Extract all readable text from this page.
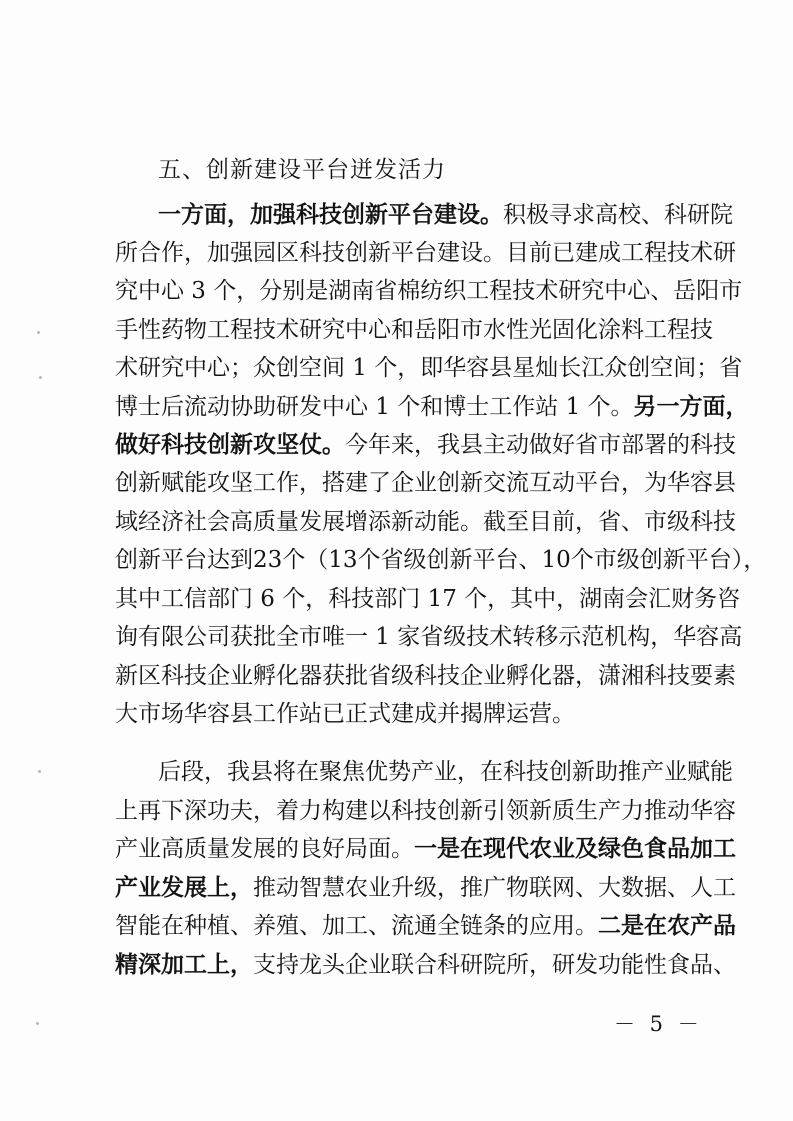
五、创新建设平台迸发活力
一方面，加强科技创新平台建设。积极寻求高校、科研院
所合作，加强园区科技创新平台建设。目前已建成工程技术研
究中心 3 个，分别是湖南省棉纺织工程技术研究中心、岳阳市
手性药物工程技术研究中心和岳阳市水性光固化涂料工程技
术研究中心；众创空间 1 个，即华容县星灿长江众创空间；省
博士后流动协助研发中心 1 个和博士工作站 1 个。另一方面，
做好科技创新攻坚仗。今年来，我县主动做好省市部署的科技
创新赋能攻坚工作，搭建了企业创新交流互动平台，为华容县
域经济社会高质量发展增添新动能。截至目前，省、市级科技
创新平台达到23个（13个省级创新平台、10个市级创新平台），
其中工信部门 6 个，科技部门 17 个，其中，湖南会汇财务咨
询有限公司获批全市唯一 1 家省级技术转移示范机构，华容高
新区科技企业孵化器获批省级科技企业孵化器，潇湘科技要素
大市场华容县工作站已正式建成并揭牌运营。
后段，我县将在聚焦优势产业，在科技创新助推产业赋能
上再下深功夫，着力构建以科技创新引领新质生产力推动华容
产业高质量发展的良好局面。一是在现代农业及绿色食品加工
产业发展上，推动智慧农业升级，推广物联网、大数据、人工
智能在种植、养殖、加工、流通全链条的应用。二是在农产品
精深加工上，支持龙头企业联合科研院所，研发功能性食品、
－ 5 －
